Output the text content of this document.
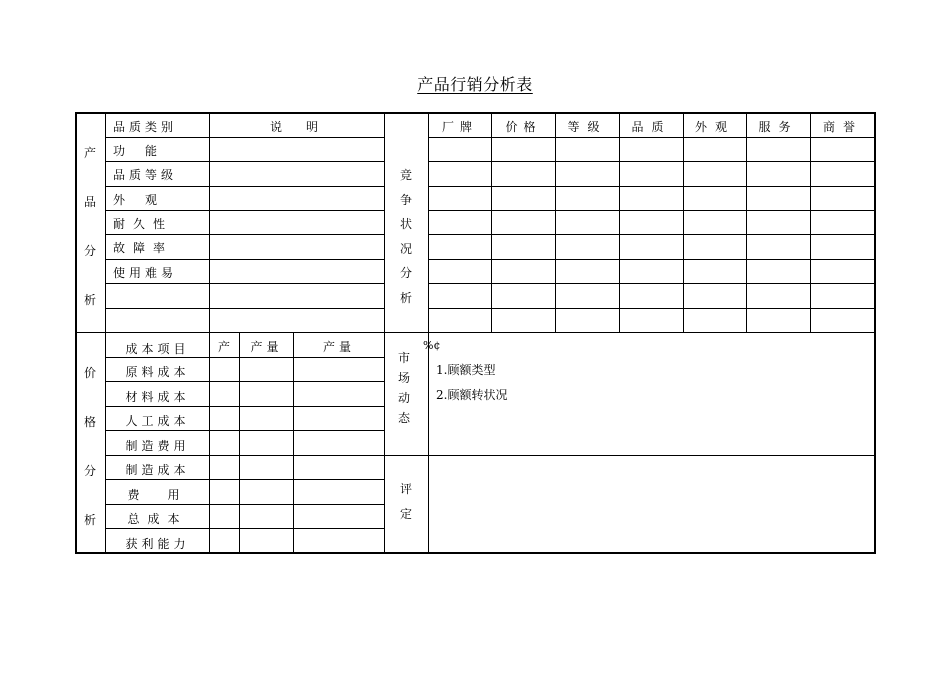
产品行销分析表
产
品
分
析
品质类别	说　明
功　能
品质等级
外　观
耐久性
故障率
使用难易
竞
争
状
况
分
析
厂牌	价格	等级	品质	外观	服务	商誉
价
格
分
析
成本项目	产	产量	产量
原料成本
材料成本
人工成本
制造费用
制造成本
费　用
总成本
获利能力
市
场
动
态
%¢
1.顾额类型
2.顾额转状况
评
定
